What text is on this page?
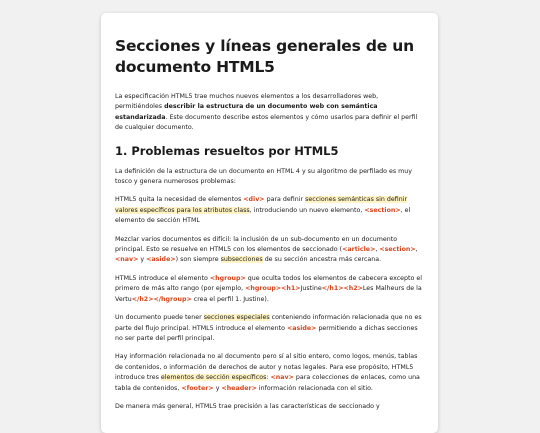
Secciones y líneas generales de un documento HTML5

La especificación HTML5 trae muchos nuevos elementos a los desarrolladores web, permitiéndoles describir la estructura de un documento web con semántica estandarizada. Este documento describe estos elementos y cómo usarlos para definir el perfil de cualquier documento.

1. Problemas resueltos por HTML5

La definición de la estructura de un documento en HTML 4 y su algoritmo de perfilado es muy tosco y genera numerosos problemas:

HTML5 quita la necesidad de elementos <div> para definir secciones semánticas sin definir valores específicos para los atributos class, introduciendo un nuevo elemento, <section>, el elemento de sección HTML

Mezclar varios documentos es difícil: la inclusión de un sub-documento en un documento principal. Esto se resuelve en HTML5 con los elementos de seccionado (<article>, <section>, <nav> y <aside>) son siempre subsecciones de su sección ancestra más cercana.

HTML5 introduce el elemento <hgroup> que oculta todos los elementos de cabecera excepto el primero de más alto rango (por ejemplo, <hgroup><h1>Justine</h1><h2>Les Malheurs de la Vertu</h2></hgroup> crea el perfil 1. Justine).

Un documento puede tener secciones especiales conteniendo información relacionada que no es parte del flujo principal. HTML5 introduce el elemento <aside> permitiendo a dichas secciones no ser parte del perfil principal.

Hay información relacionada no al documento pero sí al sitio entero, como logos, menús, tablas de contenidos, o información de derechos de autor y notas legales. Para ese propósito, HTML5 introduce tres elementos de sección específicos: <nav> para colecciones de enlaces, como una tabla de contenidos, <footer> y <header> información relacionada con el sitio.

De manera más general, HTML5 trae precisión a las características de seccionado y
